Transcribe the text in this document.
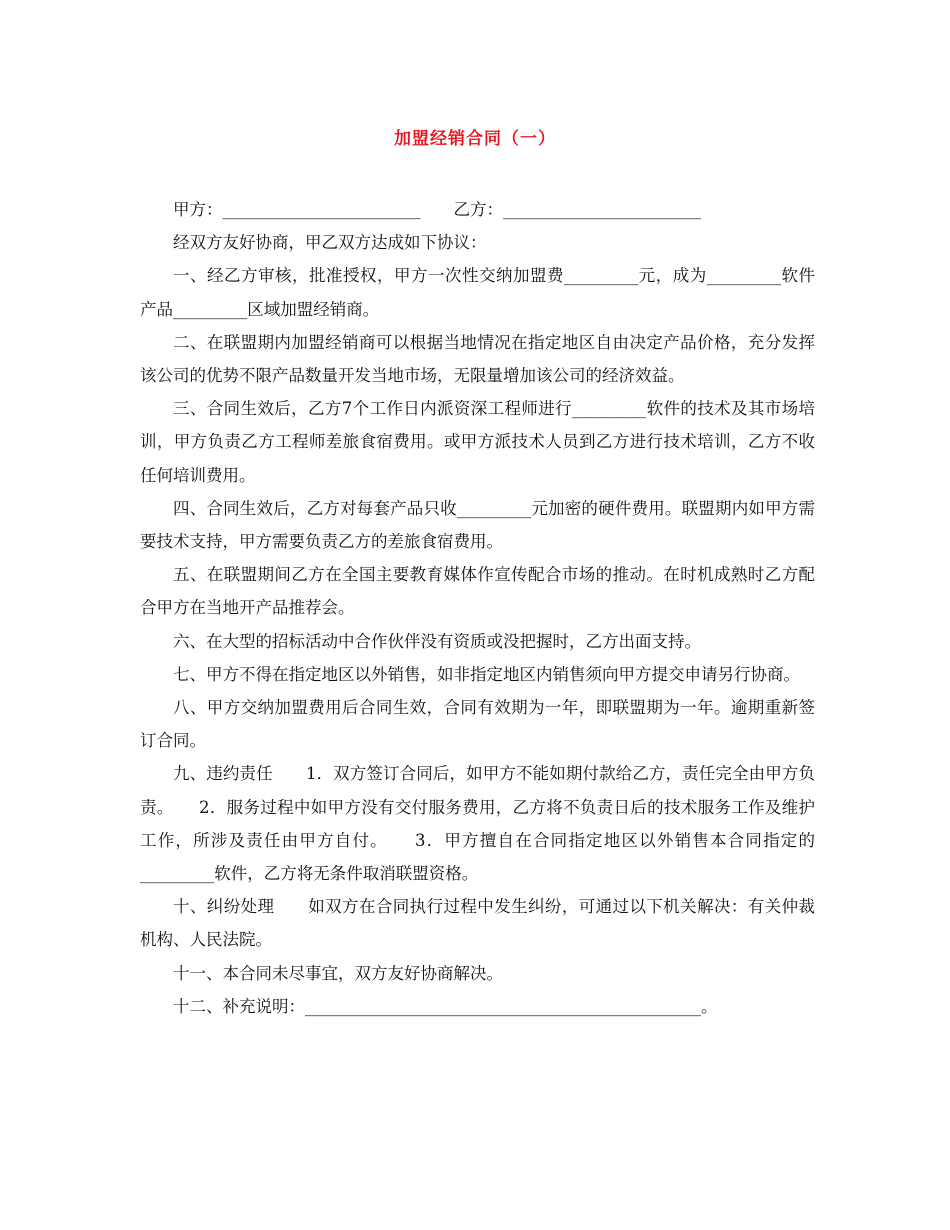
加盟经销合同（一）

甲方：________________________　　乙方：________________________

经双方友好协商，甲乙双方达成如下协议：

一、经乙方审核，批准授权，甲方一次性交纳加盟费_________元，成为_________软件产品_________区域加盟经销商。

二、在联盟期内加盟经销商可以根据当地情况在指定地区自由决定产品价格，充分发挥该公司的优势不限产品数量开发当地市场，无限量增加该公司的经济效益。

三、合同生效后，乙方7个工作日内派资深工程师进行_________软件的技术及其市场培训，甲方负责乙方工程师差旅食宿费用。或甲方派技术人员到乙方进行技术培训，乙方不收任何培训费用。

四、合同生效后，乙方对每套产品只收_________元加密的硬件费用。联盟期内如甲方需要技术支持，甲方需要负责乙方的差旅食宿费用。

五、在联盟期间乙方在全国主要教育媒体作宣传配合市场的推动。在时机成熟时乙方配合甲方在当地开产品推荐会。

六、在大型的招标活动中合作伙伴没有资质或没把握时，乙方出面支持。

七、甲方不得在指定地区以外销售，如非指定地区内销售须向甲方提交申请另行协商。

八、甲方交纳加盟费用后合同生效，合同有效期为一年，即联盟期为一年。逾期重新签订合同。

九、违约责任　　1．双方签订合同后，如甲方不能如期付款给乙方，责任完全由甲方负责。　　2．服务过程中如甲方没有交付服务费用，乙方将不负责日后的技术服务工作及维护工作，所涉及责任由甲方自付。　　3．甲方擅自在合同指定地区以外销售本合同指定的_________软件，乙方将无条件取消联盟资格。

十、纠纷处理　　如双方在合同执行过程中发生纠纷，可通过以下机关解决：有关仲裁机构、人民法院。

十一、本合同未尽事宜，双方友好协商解决。

十二、补充说明：________________________________________________。
